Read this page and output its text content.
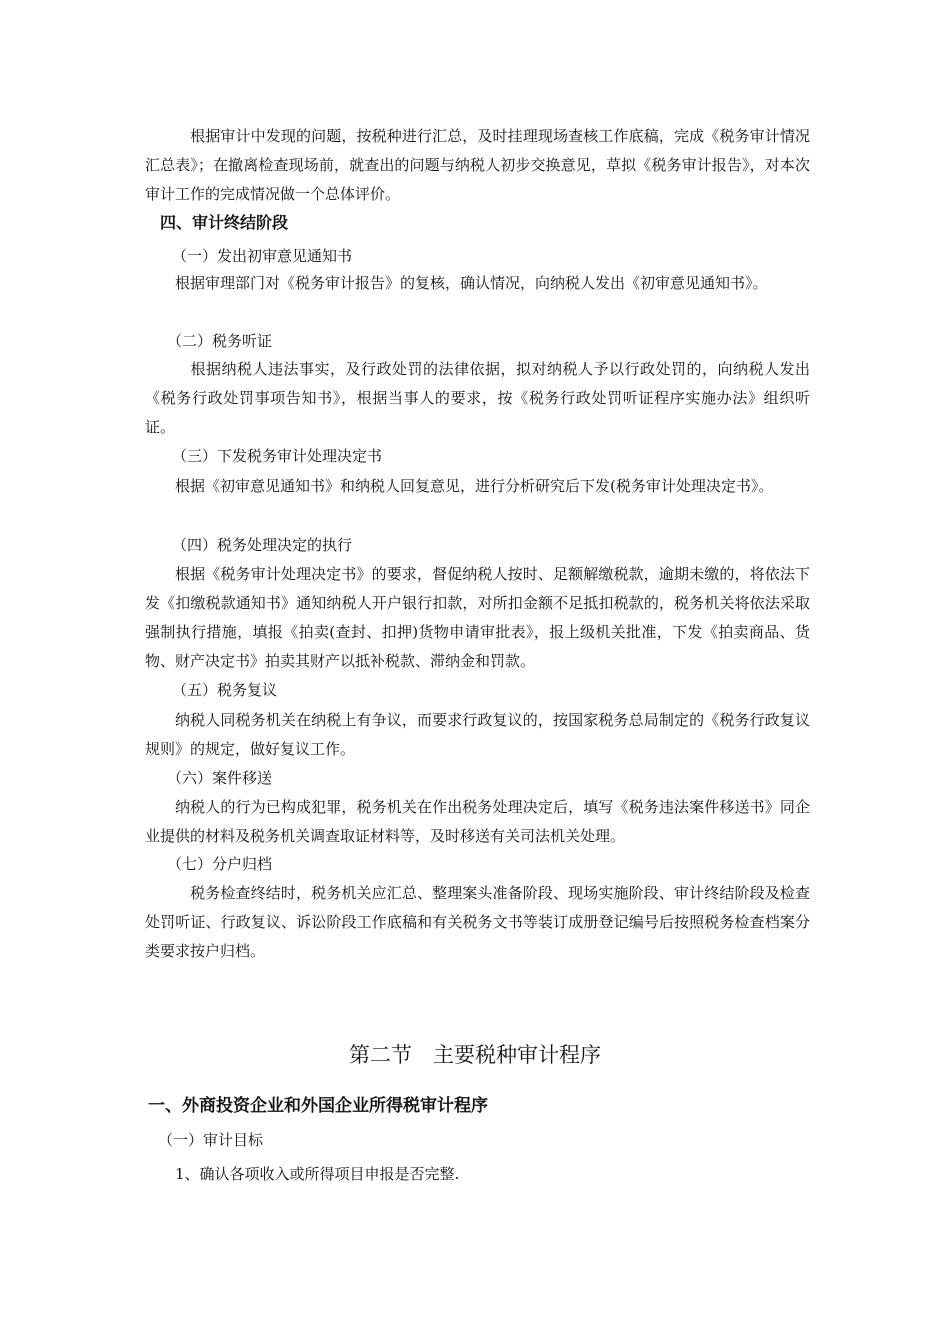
　根据审计中发现的问题，按税种进行汇总，及时挂理现场查核工作底稿，完成《税务审计情况汇总表》；在撤离检查现场前，就查出的问题与纳税人初步交换意见，草拟《税务审计报告》，对本次审计工作的完成情况做一个总体评价。

四、审计终结阶段
（一）发出初审意见通知书

根据审理部门对《税务审计报告》的复核，确认情况，向纳税人发出《初审意见通知书》。

（二）税务听证

　根据纳税人违法事实，及行政处罚的法律依据，拟对纳税人予以行政处罚的，向纳税人发出《税务行政处罚事项告知书》，根据当事人的要求，按《税务行政处罚听证程序实施办法》组织听证。

（三）下发税务审计处理决定书

根据《初审意见通知书》和纳税人回复意见，进行分析研究后下发(税务审计处理决定书》。

（四）税务处理决定的执行

根据《税务审计处理决定书》的要求，督促纳税人按时、足额解缴税款，逾期未缴的，将依法下发《扣缴税款通知书》通知纳税人开户银行扣款，对所扣金额不足抵扣税款的，税务机关将依法采取强制执行措施，填报《拍卖(查封、扣押)货物申请审批表》，报上级机关批准，下发《拍卖商品、货物、财产决定书》拍卖其财产以抵补税款、滞纳金和罚款。

（五）税务复议

纳税人同税务机关在纳税上有争议，而要求行政复议的，按国家税务总局制定的《税务行政复议规则》的规定，做好复议工作。

（六）案件移送

纳税人的行为已构成犯罪，税务机关在作出税务处理决定后，填写《税务违法案件移送书》同企业提供的材料及税务机关调查取证材料等，及时移送有关司法机关处理。

（七）分户归档

　税务检查终结时，税务机关应汇总、整理案头准备阶段、现场实施阶段、审计终结阶段及检查处罚听证、行政复议、诉讼阶段工作底稿和有关税务文书等装订成册登记编号后按照税务检查档案分类要求按户归档。

第二节　主要税种审计程序
一、外商投资企业和外国企业所得税审计程序
（一）审计目标
1、确认各项收入或所得项目申报是否完整.
